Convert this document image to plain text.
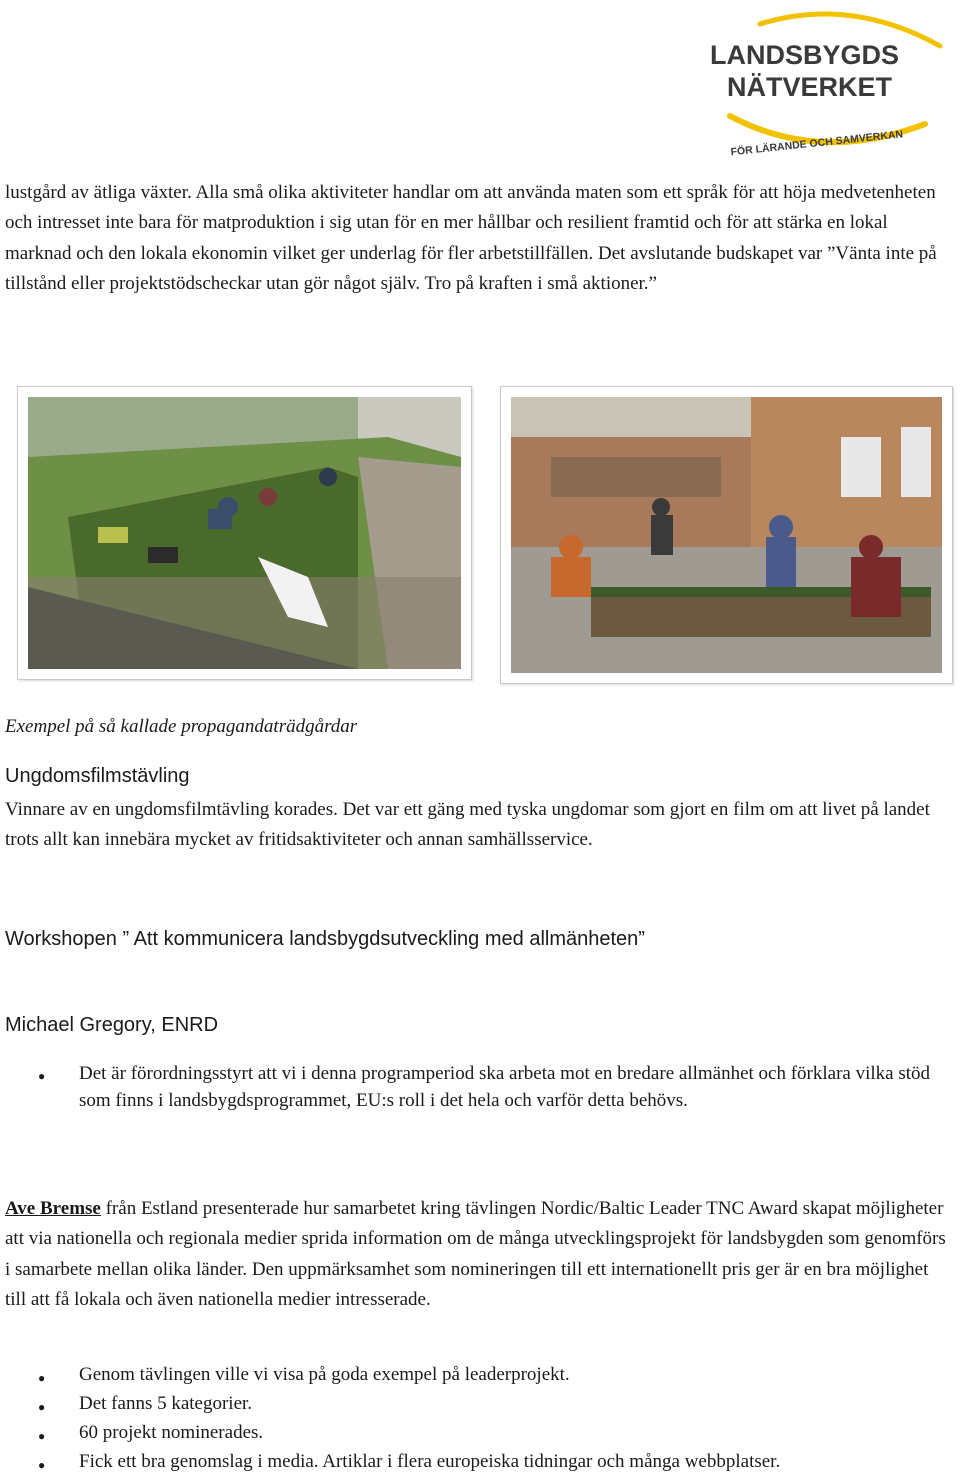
LANDSBYGDS
NÄTVERKET
FÖR LÄRANDE OCH SAMVERKAN

lustgård av ätliga växter. Alla små olika aktiviteter handlar om att använda maten som ett språk för att höja medvetenheten och intresset inte bara för matproduktion i sig utan för en mer hållbar och resilient framtid och för att stärka en lokal marknad och den lokala ekonomin vilket ger underlag för fler arbetstillfällen. Det avslutande budskapet var ”Vänta inte på tillstånd eller projektstödscheckar utan gör något själv. Tro på kraften i små aktioner.”

Exempel på så kallade propagandaträdgårdar

Ungdomsfilmstävling

Vinnare av en ungdomsfilmtävling korades. Det var ett gäng med tyska ungdomar som gjort en film om att livet på landet trots allt kan innebära mycket av fritidsaktiviteter och annan samhällsservice.

Workshopen ” Att kommunicera landsbygdsutveckling med allmänheten”
Michael Gregory, ENRD
● Det är förordningsstyrt att vi i denna programperiod ska arbeta mot en bredare allmänhet och förklara vilka stöd som finns i landsbygdsprogrammet, EU:s roll i det hela och varför detta behövs.

Ave Bremse från Estland presenterade hur samarbetet kring tävlingen Nordic/Baltic Leader TNC Award skapat möjligheter att via nationella och regionala medier sprida information om de många utvecklingsprojekt för landsbygden som genomförs i samarbete mellan olika länder. Den uppmärksamhet som nomineringen till ett internationellt pris ger är en bra möjlighet till att få lokala och även nationella medier intresserade.

● Genom tävlingen ville vi visa på goda exempel på leaderprojekt.
● Det fanns 5 kategorier.
● 60 projekt nominerades.
● Fick ett bra genomslag i media. Artiklar i flera europeiska tidningar och många webbplatser.
